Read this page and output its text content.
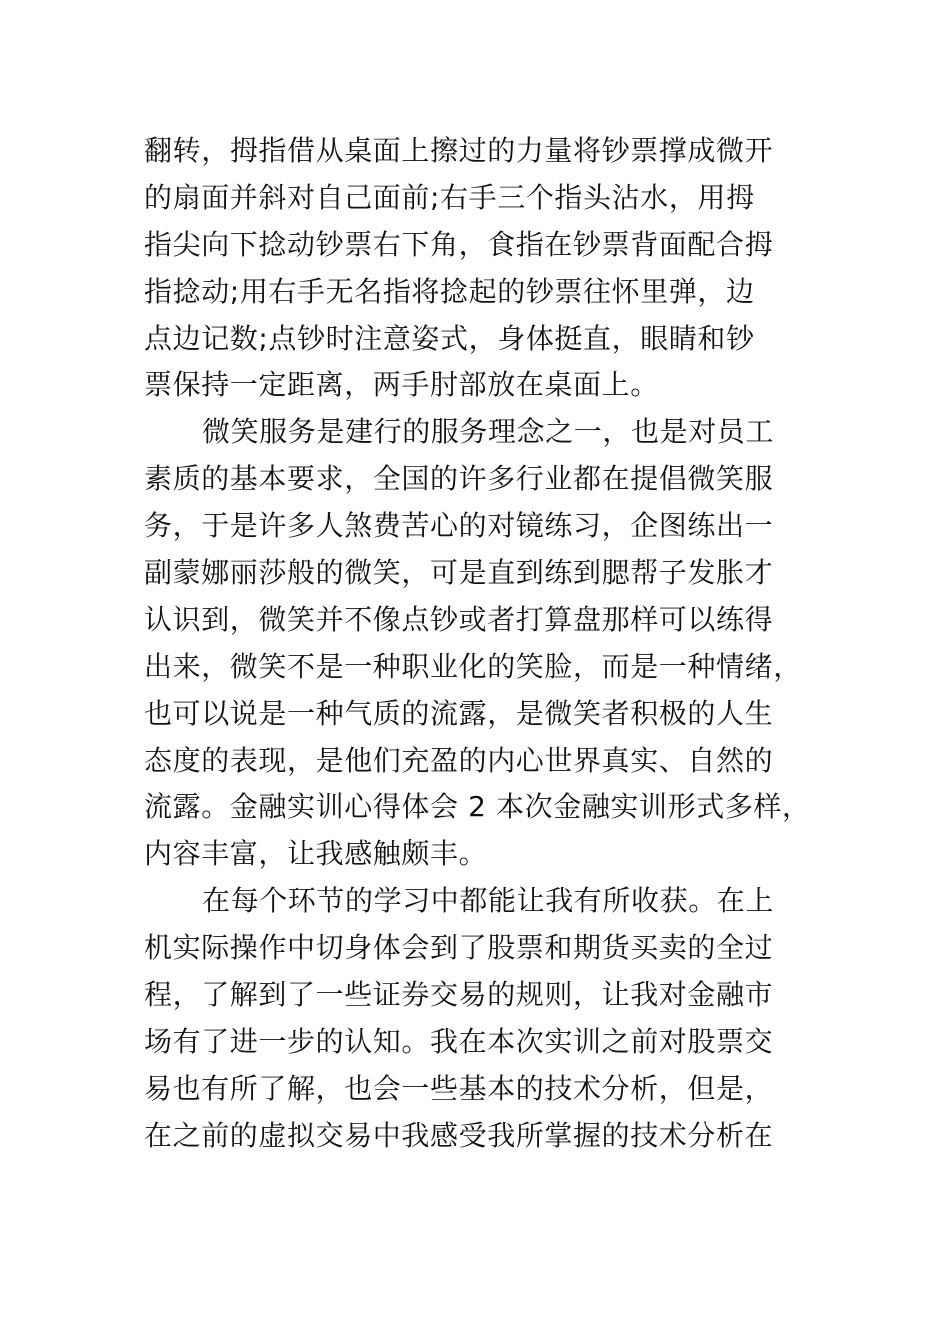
翻转，拇指借从桌面上擦过的力量将钞票撑成微开
的扇面并斜对自己面前;右手三个指头沾水，用拇
指尖向下捻动钞票右下角，食指在钞票背面配合拇
指捻动;用右手无名指将捻起的钞票往怀里弹，边
点边记数;点钞时注意姿式，身体挺直，眼睛和钞
票保持一定距离，两手肘部放在桌面上。
微笑服务是建行的服务理念之一，也是对员工
素质的基本要求，全国的许多行业都在提倡微笑服
务，于是许多人煞费苦心的对镜练习，企图练出一
副蒙娜丽莎般的微笑，可是直到练到腮帮子发胀才
认识到，微笑并不像点钞或者打算盘那样可以练得
出来，微笑不是一种职业化的笑脸，而是一种情绪，
也可以说是一种气质的流露，是微笑者积极的人生
态度的表现，是他们充盈的内心世界真实、自然的
流露。金融实训心得体会 2 本次金融实训形式多样，
内容丰富，让我感触颇丰。
在每个环节的学习中都能让我有所收获。在上
机实际操作中切身体会到了股票和期货买卖的全过
程，了解到了一些证券交易的规则，让我对金融市
场有了进一步的认知。我在本次实训之前对股票交
易也有所了解，也会一些基本的技术分析，但是，
在之前的虚拟交易中我感受我所掌握的技术分析在
